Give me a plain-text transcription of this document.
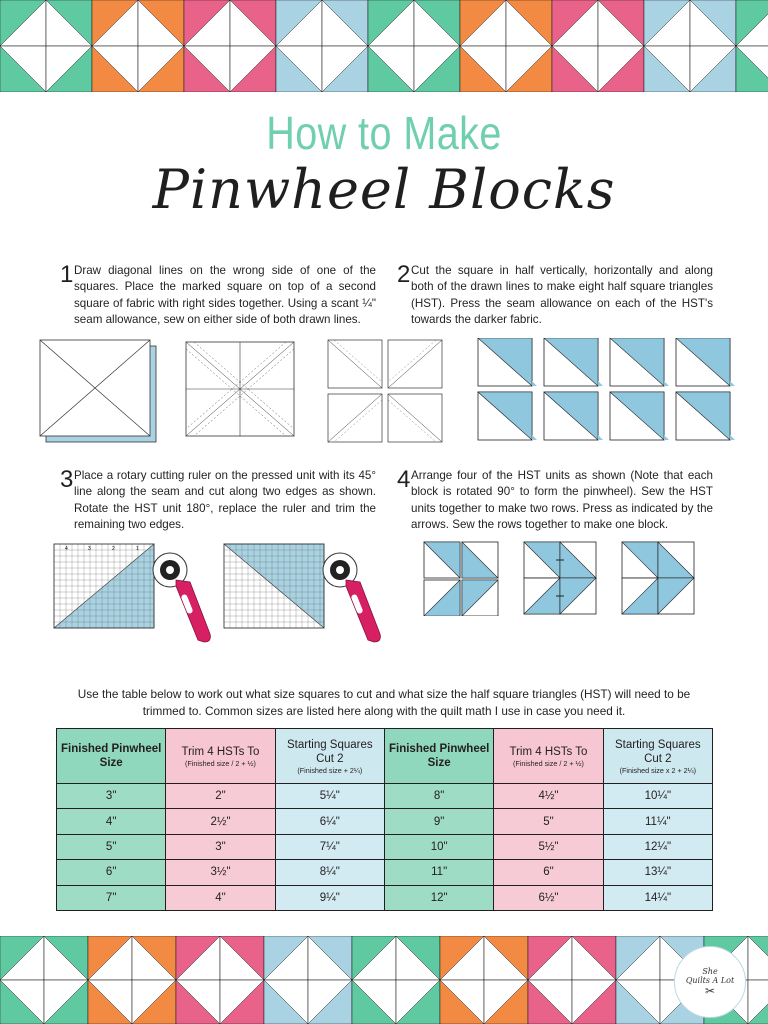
How to Make
Pinwheel Blocks
1 Draw diagonal lines on the wrong side of one of the squares. Place the marked square on top of a second square of fabric with right sides together. Using a scant ¼" seam allowance, sew on either side of both drawn lines.
2 Cut the square in half vertically, horizontally and along both of the drawn lines to make eight half square triangles (HST). Press the seam allowance on each of the HST's towards the darker fabric.
3 Place a rotary cutting ruler on the pressed unit with its 45° line along the seam and cut along two edges as shown. Rotate the HST unit 180°, replace the ruler and trim the remaining two edges.
4 Arrange four of the HST units as shown (Note that each block is rotated 90° to form the pinwheel). Sew the HST units together to make two rows. Press as indicated by the arrows. Sew the rows together to make one block.
4	3	2	1

Use the table below to work out what size squares to cut and what size the half square triangles (HST) will need to be trimmed to. Common sizes are listed here along with the quilt math I use in case you need it.

Finished Pinwheel Size	Trim 4 HSTs To
(Finished size / 2 + ½)	Starting Squares Cut 2
(Finished size + 2¼)	Finished Pinwheel Size	Trim 4 HSTs To
(Finished size / 2 + ½)	Starting Squares Cut 2
(Finished size x 2 + 2¼)

3"	2"	5¼"	8"	4½"	10¼"
4"	2½"	6¼"	9"	5"	11¼"
5"	3"	7¼"	10"	5½"	12¼"
6"	3½"	8¼"	11"	6"	13¼"
7"	4"	9¼"	12"	6½"	14¼"
She
Quilts A Lot
✂
